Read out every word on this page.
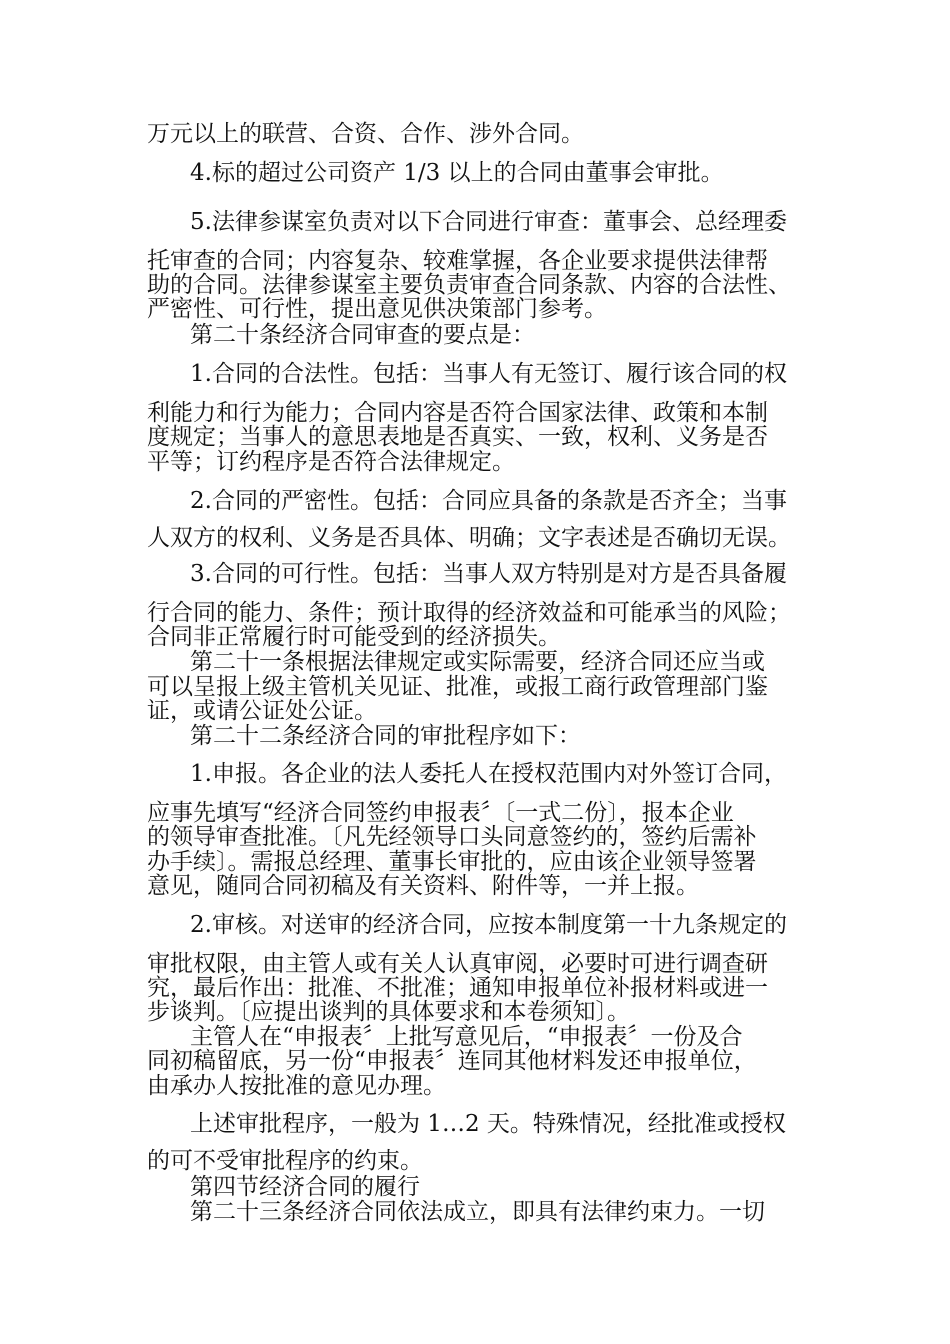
万元以上的联营、合资、合作、涉外合同。
4.标的超过公司资产 1/3 以上的合同由董事会审批。
5.法律参谋室负责对以下合同进行审查：董事会、总经理委
托审查的合同；内容复杂、较难掌握，各企业要求提供法律帮
助的合同。法律参谋室主要负责审查合同条款、内容的合法性、
严密性、可行性，提出意见供决策部门参考。
第二十条经济合同审查的要点是：
1.合同的合法性。包括：当事人有无签订、履行该合同的权
利能力和行为能力；合同内容是否符合国家法律、政策和本制
度规定；当事人的意思表地是否真实、一致，权利、义务是否
平等；订约程序是否符合法律规定。
2.合同的严密性。包括：合同应具备的条款是否齐全；当事
人双方的权利、义务是否具体、明确；文字表述是否确切无误。
3.合同的可行性。包括：当事人双方特别是对方是否具备履
行合同的能力、条件；预计取得的经济效益和可能承当的风险；
合同非正常履行时可能受到的经济损失。
第二十一条根据法律规定或实际需要，经济合同还应当或
可以呈报上级主管机关见证、批准，或报工商行政管理部门鉴
证，或请公证处公证。
第二十二条经济合同的审批程序如下：
1.申报。各企业的法人委托人在授权范围内对外签订合同，
应事先填写“经济合同签约申报表〞〔一式二份〕，报本企业
的领导审查批准。〔凡先经领导口头同意签约的，签约后需补
办手续〕。需报总经理、董事长审批的，应由该企业领导签署
意见，随同合同初稿及有关资料、附件等，一并上报。
2.审核。对送审的经济合同，应按本制度第一十九条规定的
审批权限，由主管人或有关人认真审阅，必要时可进行调查研
究，最后作出：批准、不批准；通知申报单位补报材料或进一
步谈判。〔应提出谈判的具体要求和本卷须知〕。
主管人在“申报表〞上批写意见后，“申报表〞一份及合
同初稿留底，另一份“申报表〞连同其他材料发还申报单位，
由承办人按批准的意见办理。
上述审批程序，一般为 1…2 天。特殊情况，经批准或授权
的可不受审批程序的约束。
第四节经济合同的履行
第二十三条经济合同依法成立，即具有法律约束力。一切
